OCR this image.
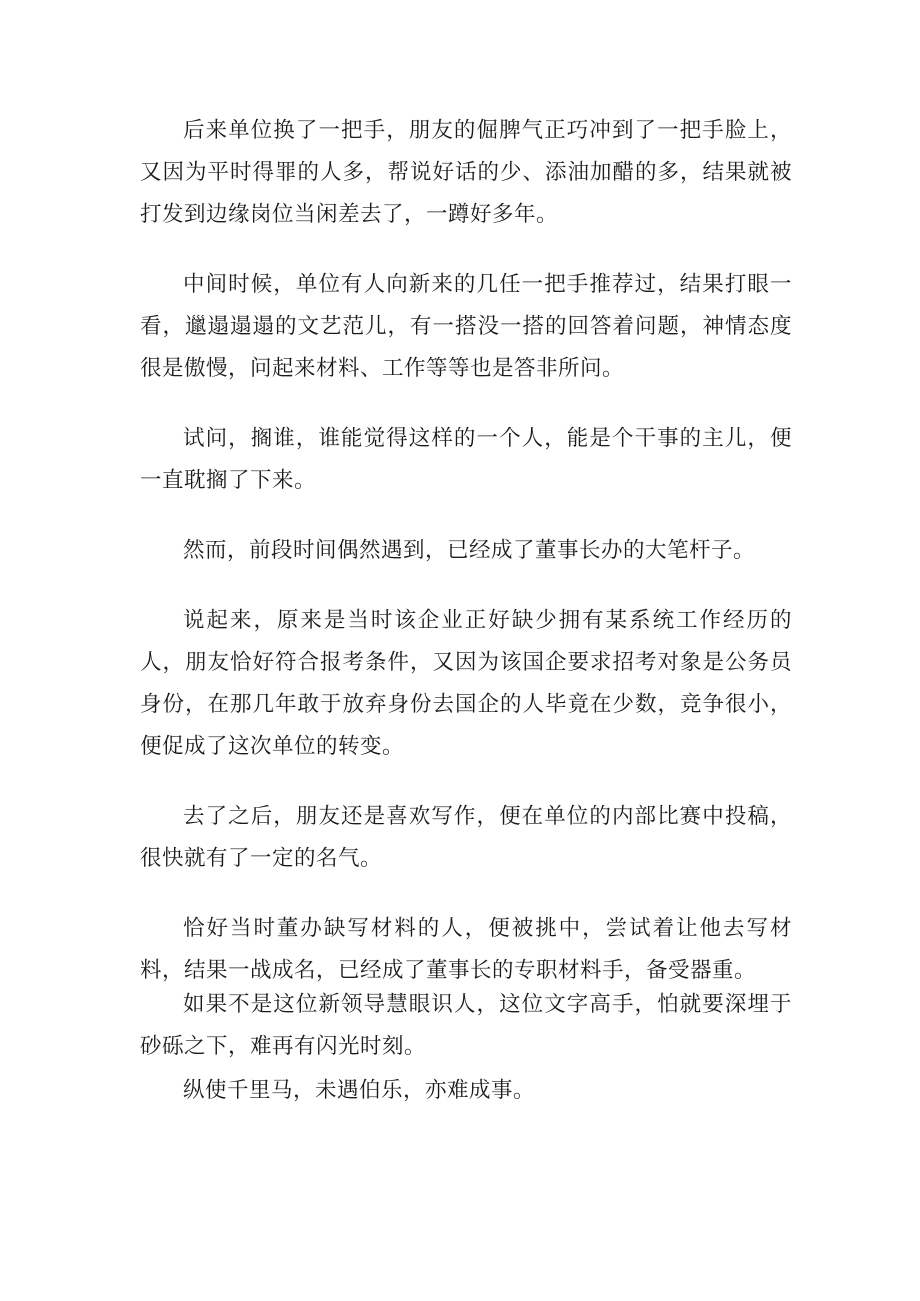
后来单位换了一把手，朋友的倔脾气正巧冲到了一把手脸上，又因为平时得罪的人多，帮说好话的少、添油加醋的多，结果就被打发到边缘岗位当闲差去了，一蹲好多年。

中间时候，单位有人向新来的几任一把手推荐过，结果打眼一看，邋遢遢遢的文艺范儿，有一搭没一搭的回答着问题，神情态度很是傲慢，问起来材料、工作等等也是答非所问。

试问，搁谁，谁能觉得这样的一个人，能是个干事的主儿，便一直耽搁了下来。

然而，前段时间偶然遇到，已经成了董事长办的大笔杆子。

说起来，原来是当时该企业正好缺少拥有某系统工作经历的人，朋友恰好符合报考条件，又因为该国企要求招考对象是公务员身份，在那几年敢于放弃身份去国企的人毕竟在少数，竞争很小，便促成了这次单位的转变。

去了之后，朋友还是喜欢写作，便在单位的内部比赛中投稿，很快就有了一定的名气。

恰好当时董办缺写材料的人，便被挑中，尝试着让他去写材料，结果一战成名，已经成了董事长的专职材料手，备受器重。

如果不是这位新领导慧眼识人，这位文字高手，怕就要深埋于砂砾之下，难再有闪光时刻。

纵使千里马，未遇伯乐，亦难成事。
